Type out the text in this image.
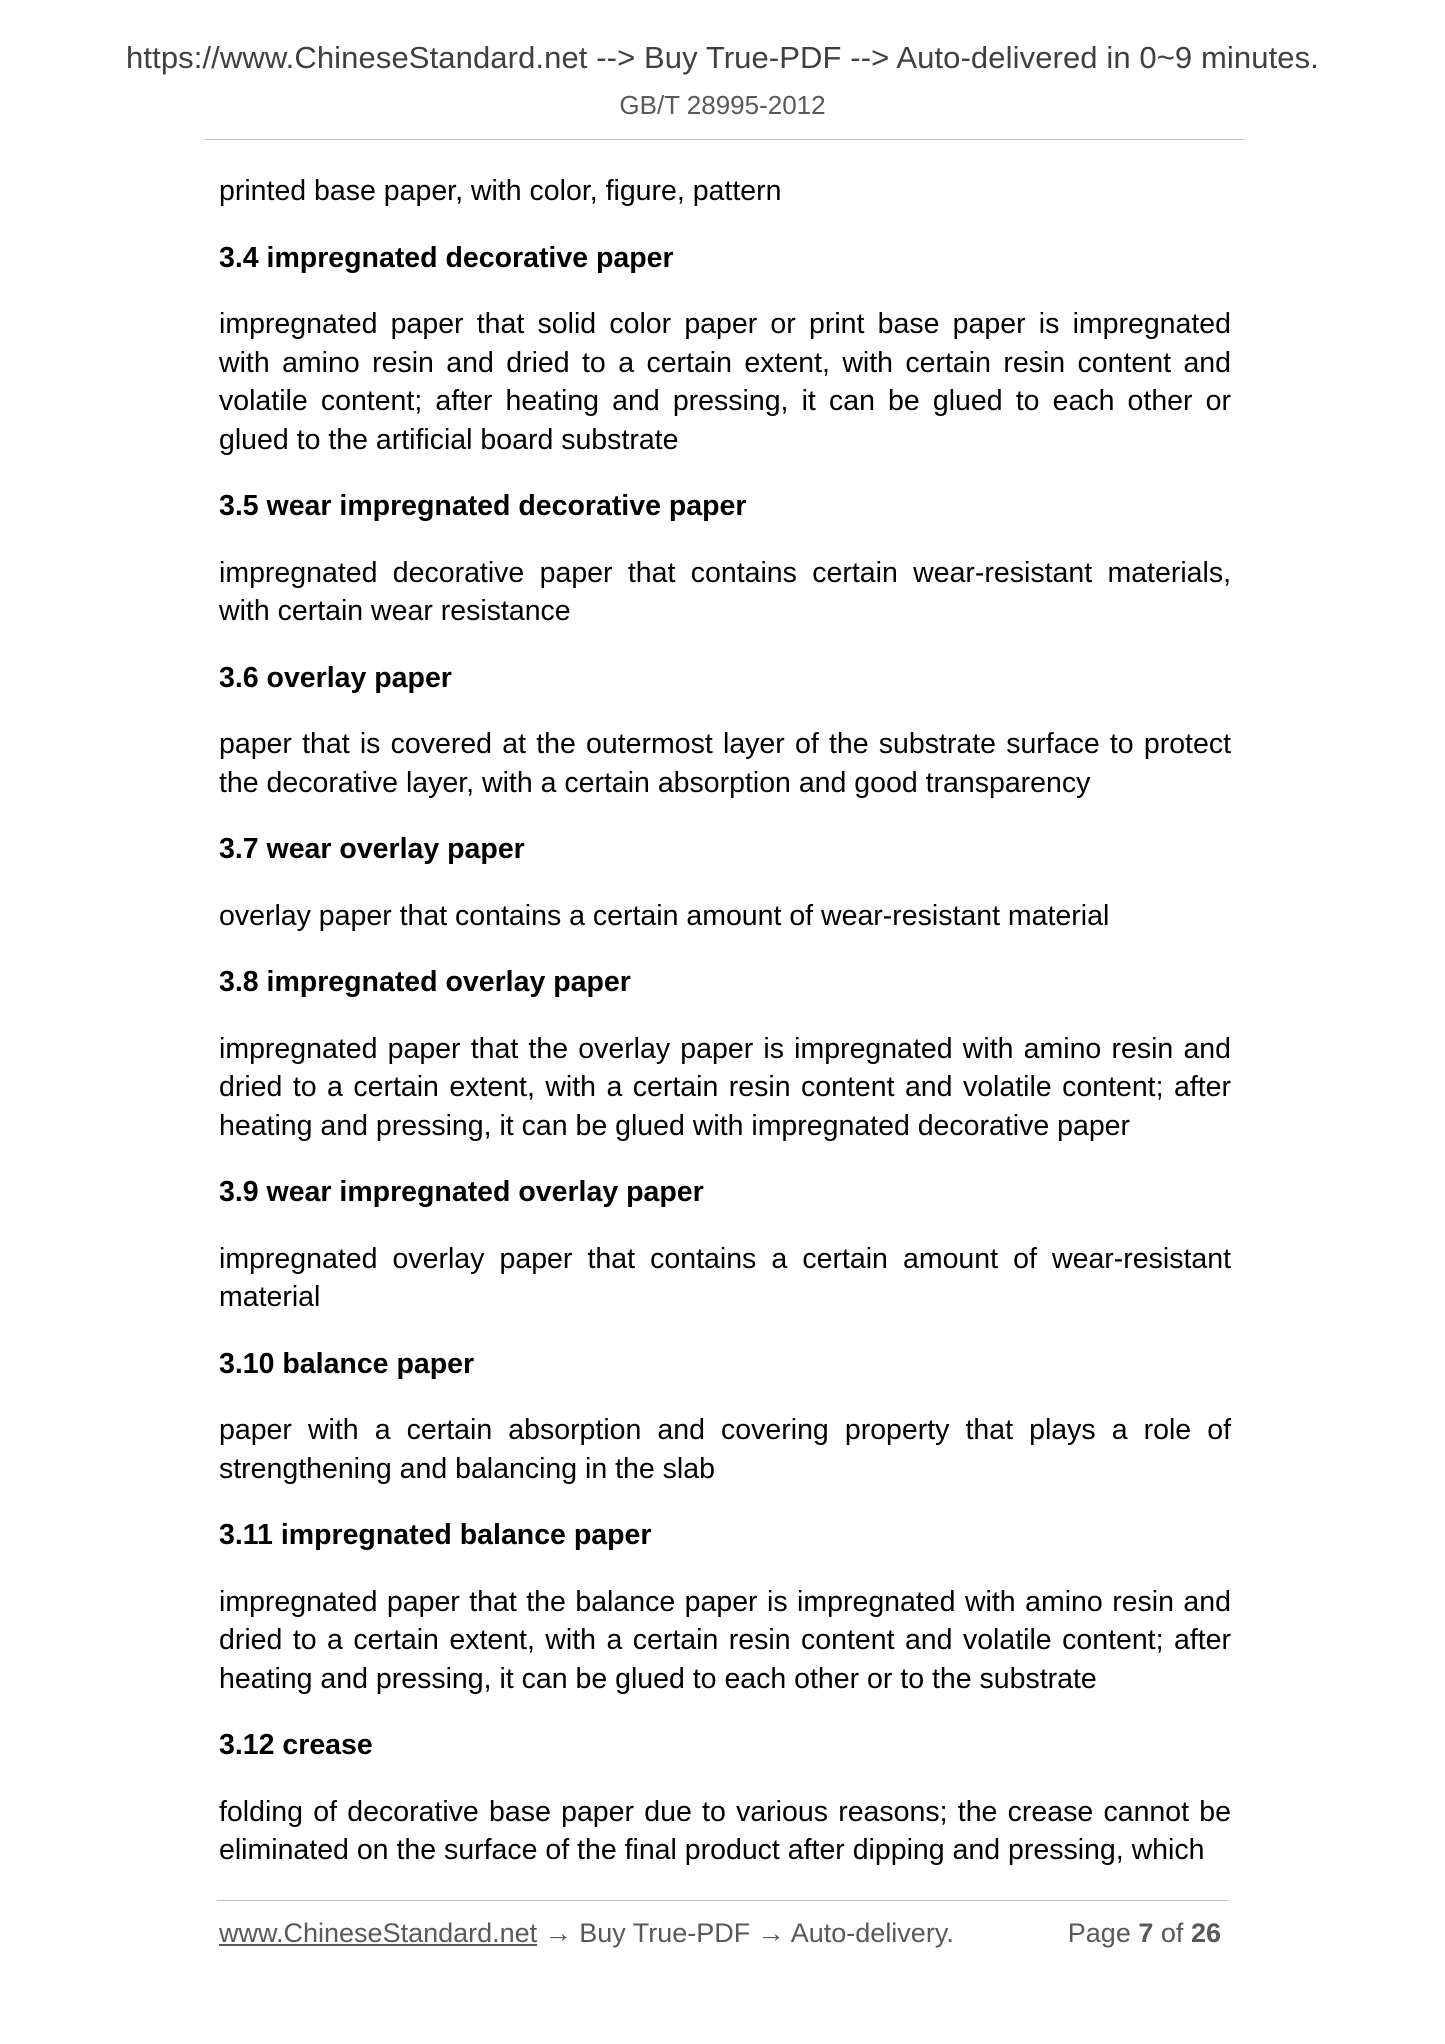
https://www.ChineseStandard.net --> Buy True-PDF --> Auto-delivered in 0~9 minutes.
GB/T 28995-2012

printed base paper, with color, figure, pattern

3.4 impregnated decorative paper

impregnated paper that solid color paper or print base paper is impregnated with amino resin and dried to a certain extent, with certain resin content and volatile content; after heating and pressing, it can be glued to each other or glued to the artificial board substrate

3.5 wear impregnated decorative paper

impregnated decorative paper that contains certain wear-resistant materials, with certain wear resistance

3.6 overlay paper

paper that is covered at the outermost layer of the substrate surface to protect the decorative layer, with a certain absorption and good transparency

3.7 wear overlay paper

overlay paper that contains a certain amount of wear-resistant material

3.8 impregnated overlay paper

impregnated paper that the overlay paper is impregnated with amino resin and dried to a certain extent, with a certain resin content and volatile content; after heating and pressing, it can be glued with impregnated decorative paper

3.9 wear impregnated overlay paper

impregnated overlay paper that contains a certain amount of wear-resistant material

3.10 balance paper

paper with a certain absorption and covering property that plays a role of strengthening and balancing in the slab

3.11 impregnated balance paper

impregnated paper that the balance paper is impregnated with amino resin and dried to a certain extent, with a certain resin content and volatile content; after heating and pressing, it can be glued to each other or to the substrate

3.12 crease

folding of decorative base paper due to various reasons; the crease cannot be eliminated on the surface of the final product after dipping and pressing, which

www.ChineseStandard.net → Buy True-PDF → Auto-delivery.	Page 7 of 26
